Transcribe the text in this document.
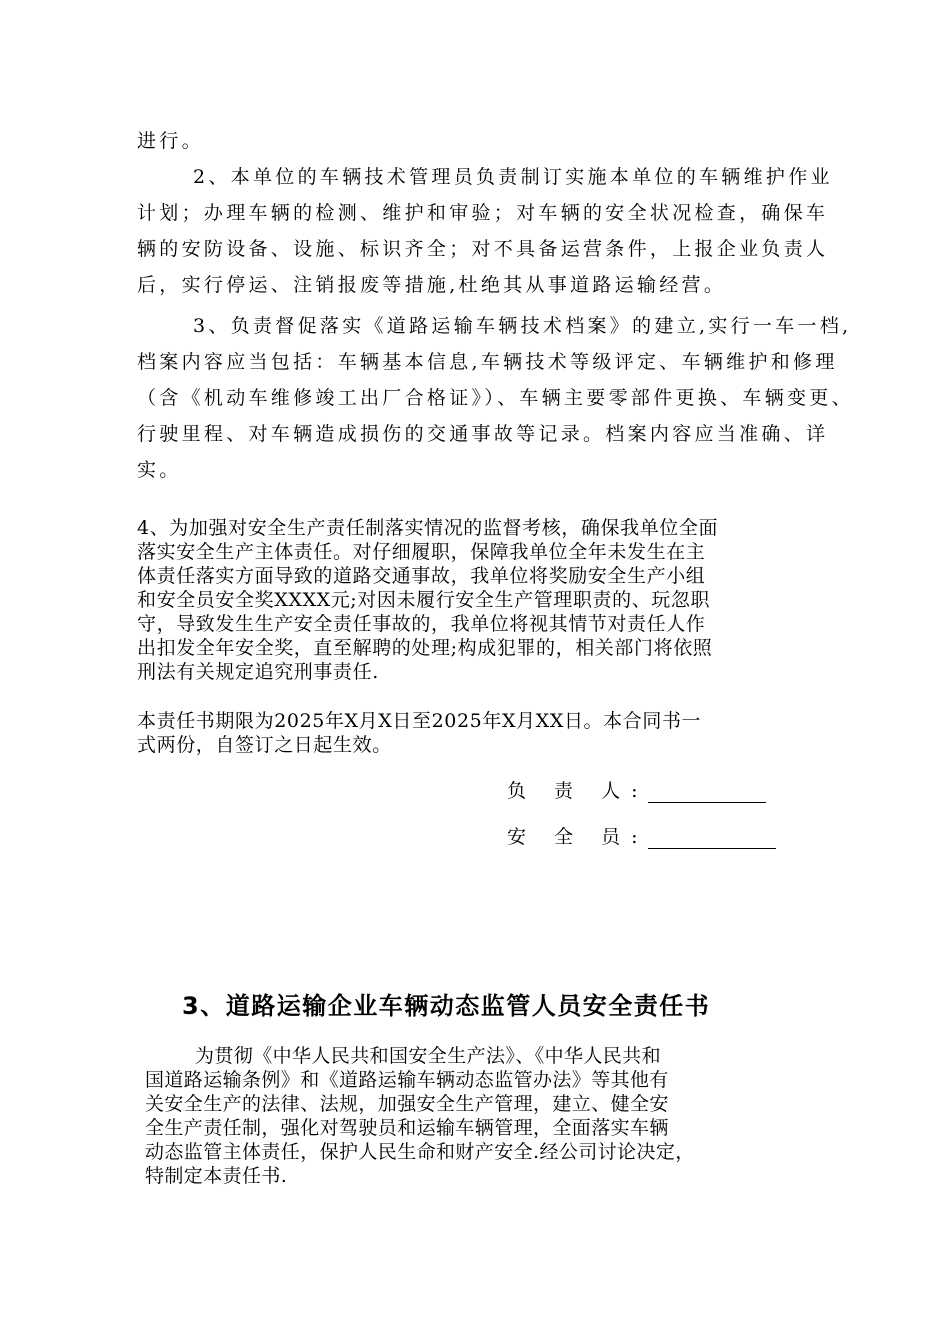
进行。
2、本单位的车辆技术管理员负责制订实施本单位的车辆维护作业
计划；办理车辆的检测、维护和审验；对车辆的安全状况检查，确保车
辆的安防设备、设施、标识齐全；对不具备运营条件，上报企业负责人
后，实行停运、注销报废等措施,杜绝其从事道路运输经营。
3、负责督促落实《道路运输车辆技术档案》的建立,实行一车一档,
档案内容应当包括：车辆基本信息,车辆技术等级评定、车辆维护和修理
（含《机动车维修竣工出厂合格证》）、车辆主要零部件更换、车辆变更、
行驶里程、对车辆造成损伤的交通事故等记录。档案内容应当准确、详
实。
4、为加强对安全生产责任制落实情况的监督考核，确保我单位全面
落实安全生产主体责任。对仔细履职，保障我单位全年未发生在主
体责任落实方面导致的道路交通事故，我单位将奖励安全生产小组
和安全员安全奖XXXX元;对因未履行安全生产管理职责的、玩忽职
守，导致发生生产安全责任事故的，我单位将视其情节对责任人作
出扣发全年安全奖，直至解聘的处理;构成犯罪的，相关部门将依照
刑法有关规定追究刑事责任.
本责任书期限为2025年X月X日至2025年X月XX日。本合同书一
式两份，自签订之日起生效。
负 责 人:
安 全 员:
3、道路运输企业车辆动态监管人员安全责任书
为贯彻《中华人民共和国安全生产法》、《中华人民共和
国道路运输条例》和《道路运输车辆动态监管办法》等其他有
关安全生产的法律、法规，加强安全生产管理，建立、健全安
全生产责任制，强化对驾驶员和运输车辆管理，全面落实车辆
动态监管主体责任，保护人民生命和财产安全.经公司讨论决定，
特制定本责任书.
